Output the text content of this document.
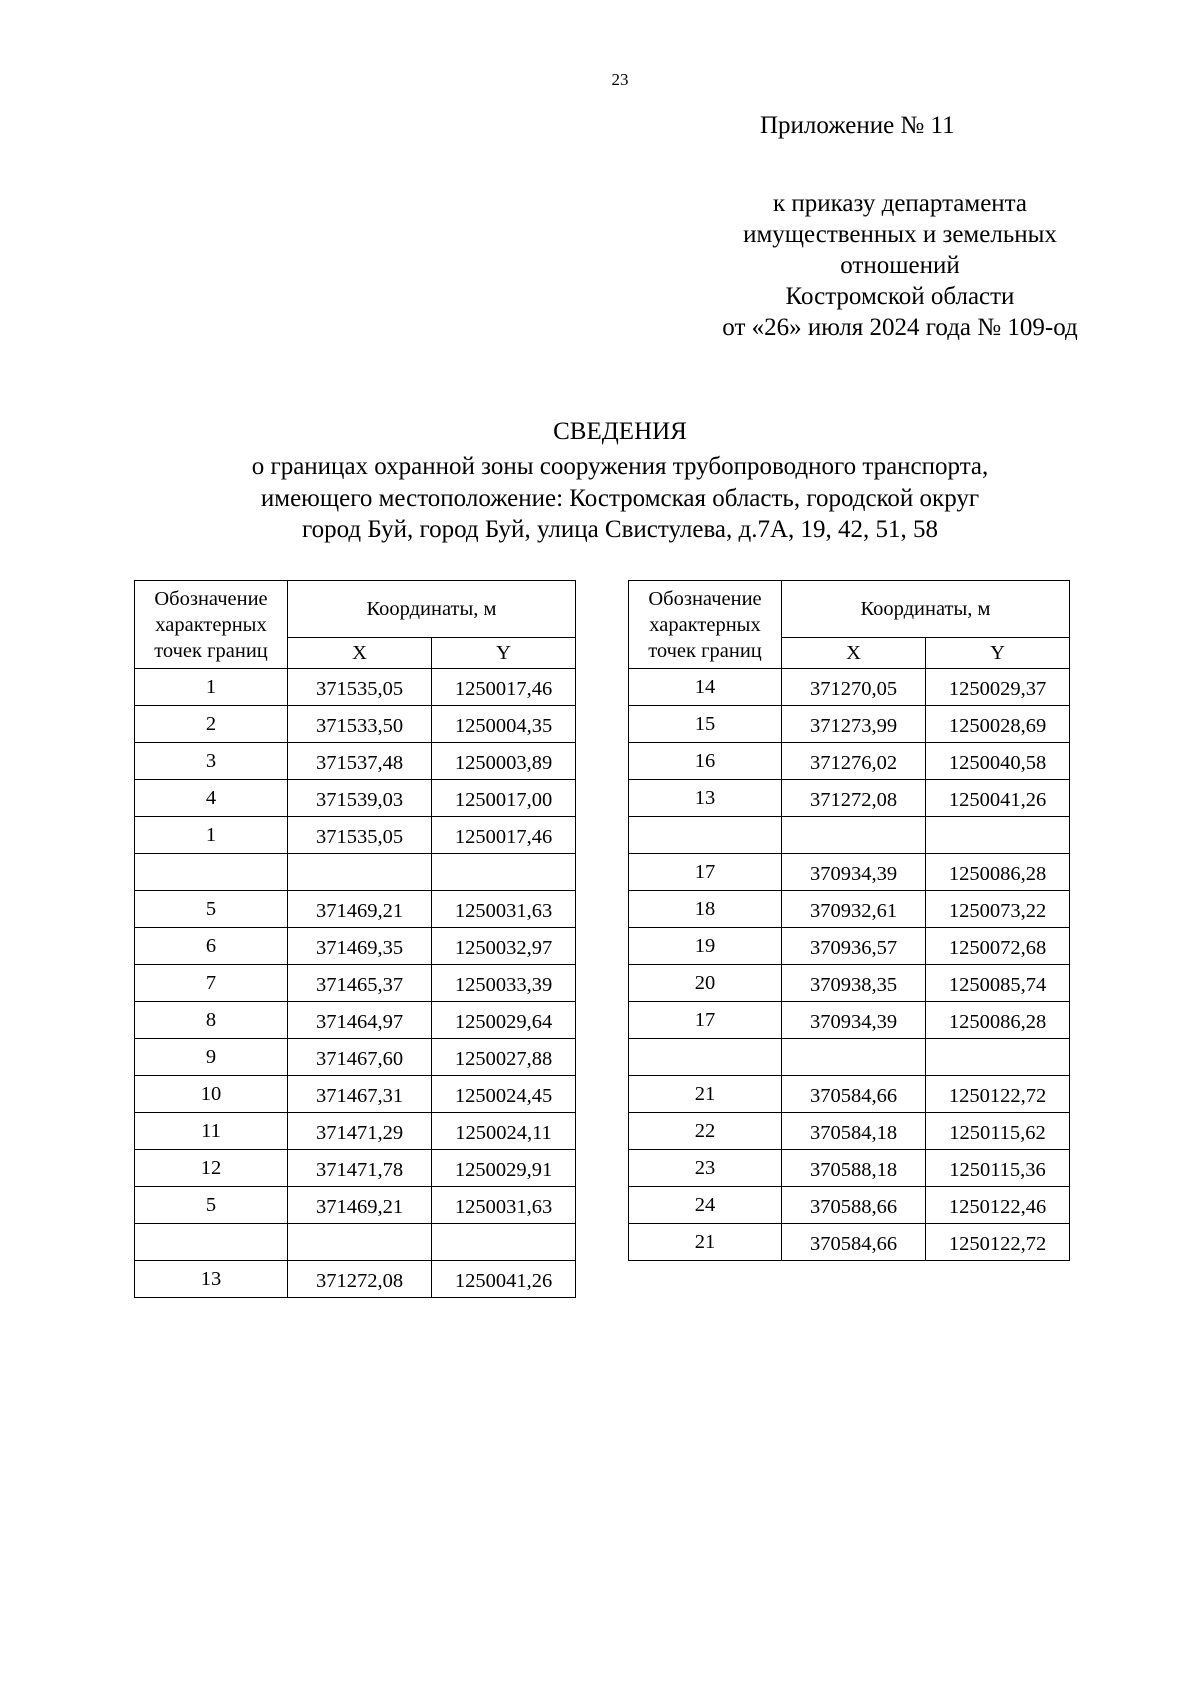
23
Приложение № 11
к приказу департамента
имущественных и земельных
отношений
Костромской области
от «26» июля 2024 года № 109-од
СВЕДЕНИЯ
о границах охранной зоны сооружения трубопроводного транспорта,
имеющего местоположение: Костромская область, городской округ
город Буй, город Буй, улица Свистулева, д.7А, 19, 42, 51, 58
Обозначение характерных точек границ	Координаты, м	
	X	Y
1	371535,05	1250017,46
2	371533,50	1250004,35
3	371537,48	1250003,89
4	371539,03	1250017,00
1	371535,05	1250017,46

5	371469,21	1250031,63
6	371469,35	1250032,97
7	371465,37	1250033,39
8	371464,97	1250029,64
9	371467,60	1250027,88
10	371467,31	1250024,45
11	371471,29	1250024,11
12	371471,78	1250029,91
5	371469,21	1250031,63

13	371272,08	1250041,26
Обозначение характерных точек границ	Координаты, м	
	X	Y
14	371270,05	1250029,37
15	371273,99	1250028,69
16	371276,02	1250040,58
13	371272,08	1250041,26

17	370934,39	1250086,28
18	370932,61	1250073,22
19	370936,57	1250072,68
20	370938,35	1250085,74
17	370934,39	1250086,28

21	370584,66	1250122,72
22	370584,18	1250115,62
23	370588,18	1250115,36
24	370588,66	1250122,46
21	370584,66	1250122,72
